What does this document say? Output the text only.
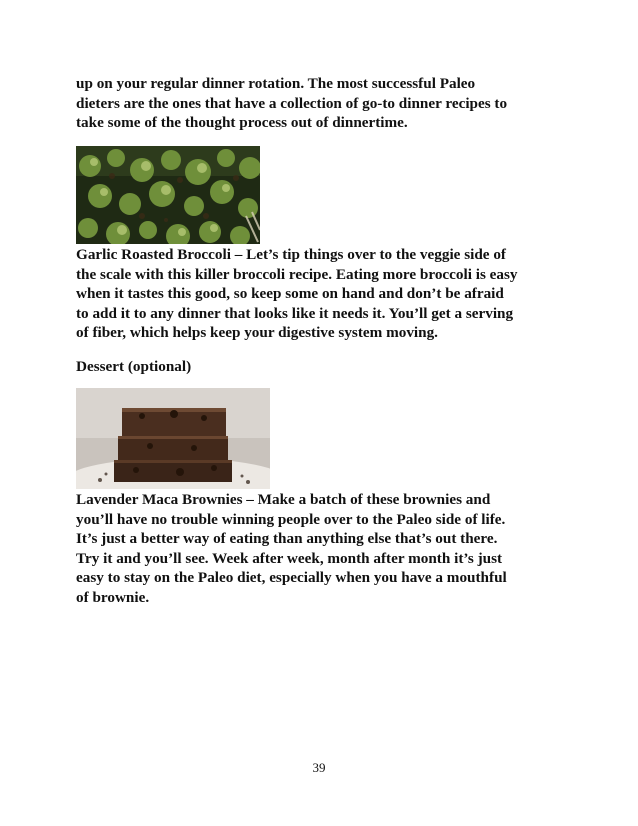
up on your regular dinner rotation. The most successful Paleo
dieters are the ones that have a collection of go-to dinner recipes to
take some of the thought process out of dinnertime.

Garlic Roasted Broccoli – Let’s tip things over to the veggie side of
the scale with this killer broccoli recipe. Eating more broccoli is easy
when it tastes this good, so keep some on hand and don’t be afraid
to add it to any dinner that looks like it needs it. You’ll get a serving
of fiber, which helps keep your digestive system moving.

Dessert (optional)

Lavender Maca Brownies – Make a batch of these brownies and
you’ll have no trouble winning people over to the Paleo side of life.
It’s just a better way of eating than anything else that’s out there.
Try it and you’ll see. Week after week, month after month it’s just
easy to stay on the Paleo diet, especially when you have a mouthful
of brownie.

39
